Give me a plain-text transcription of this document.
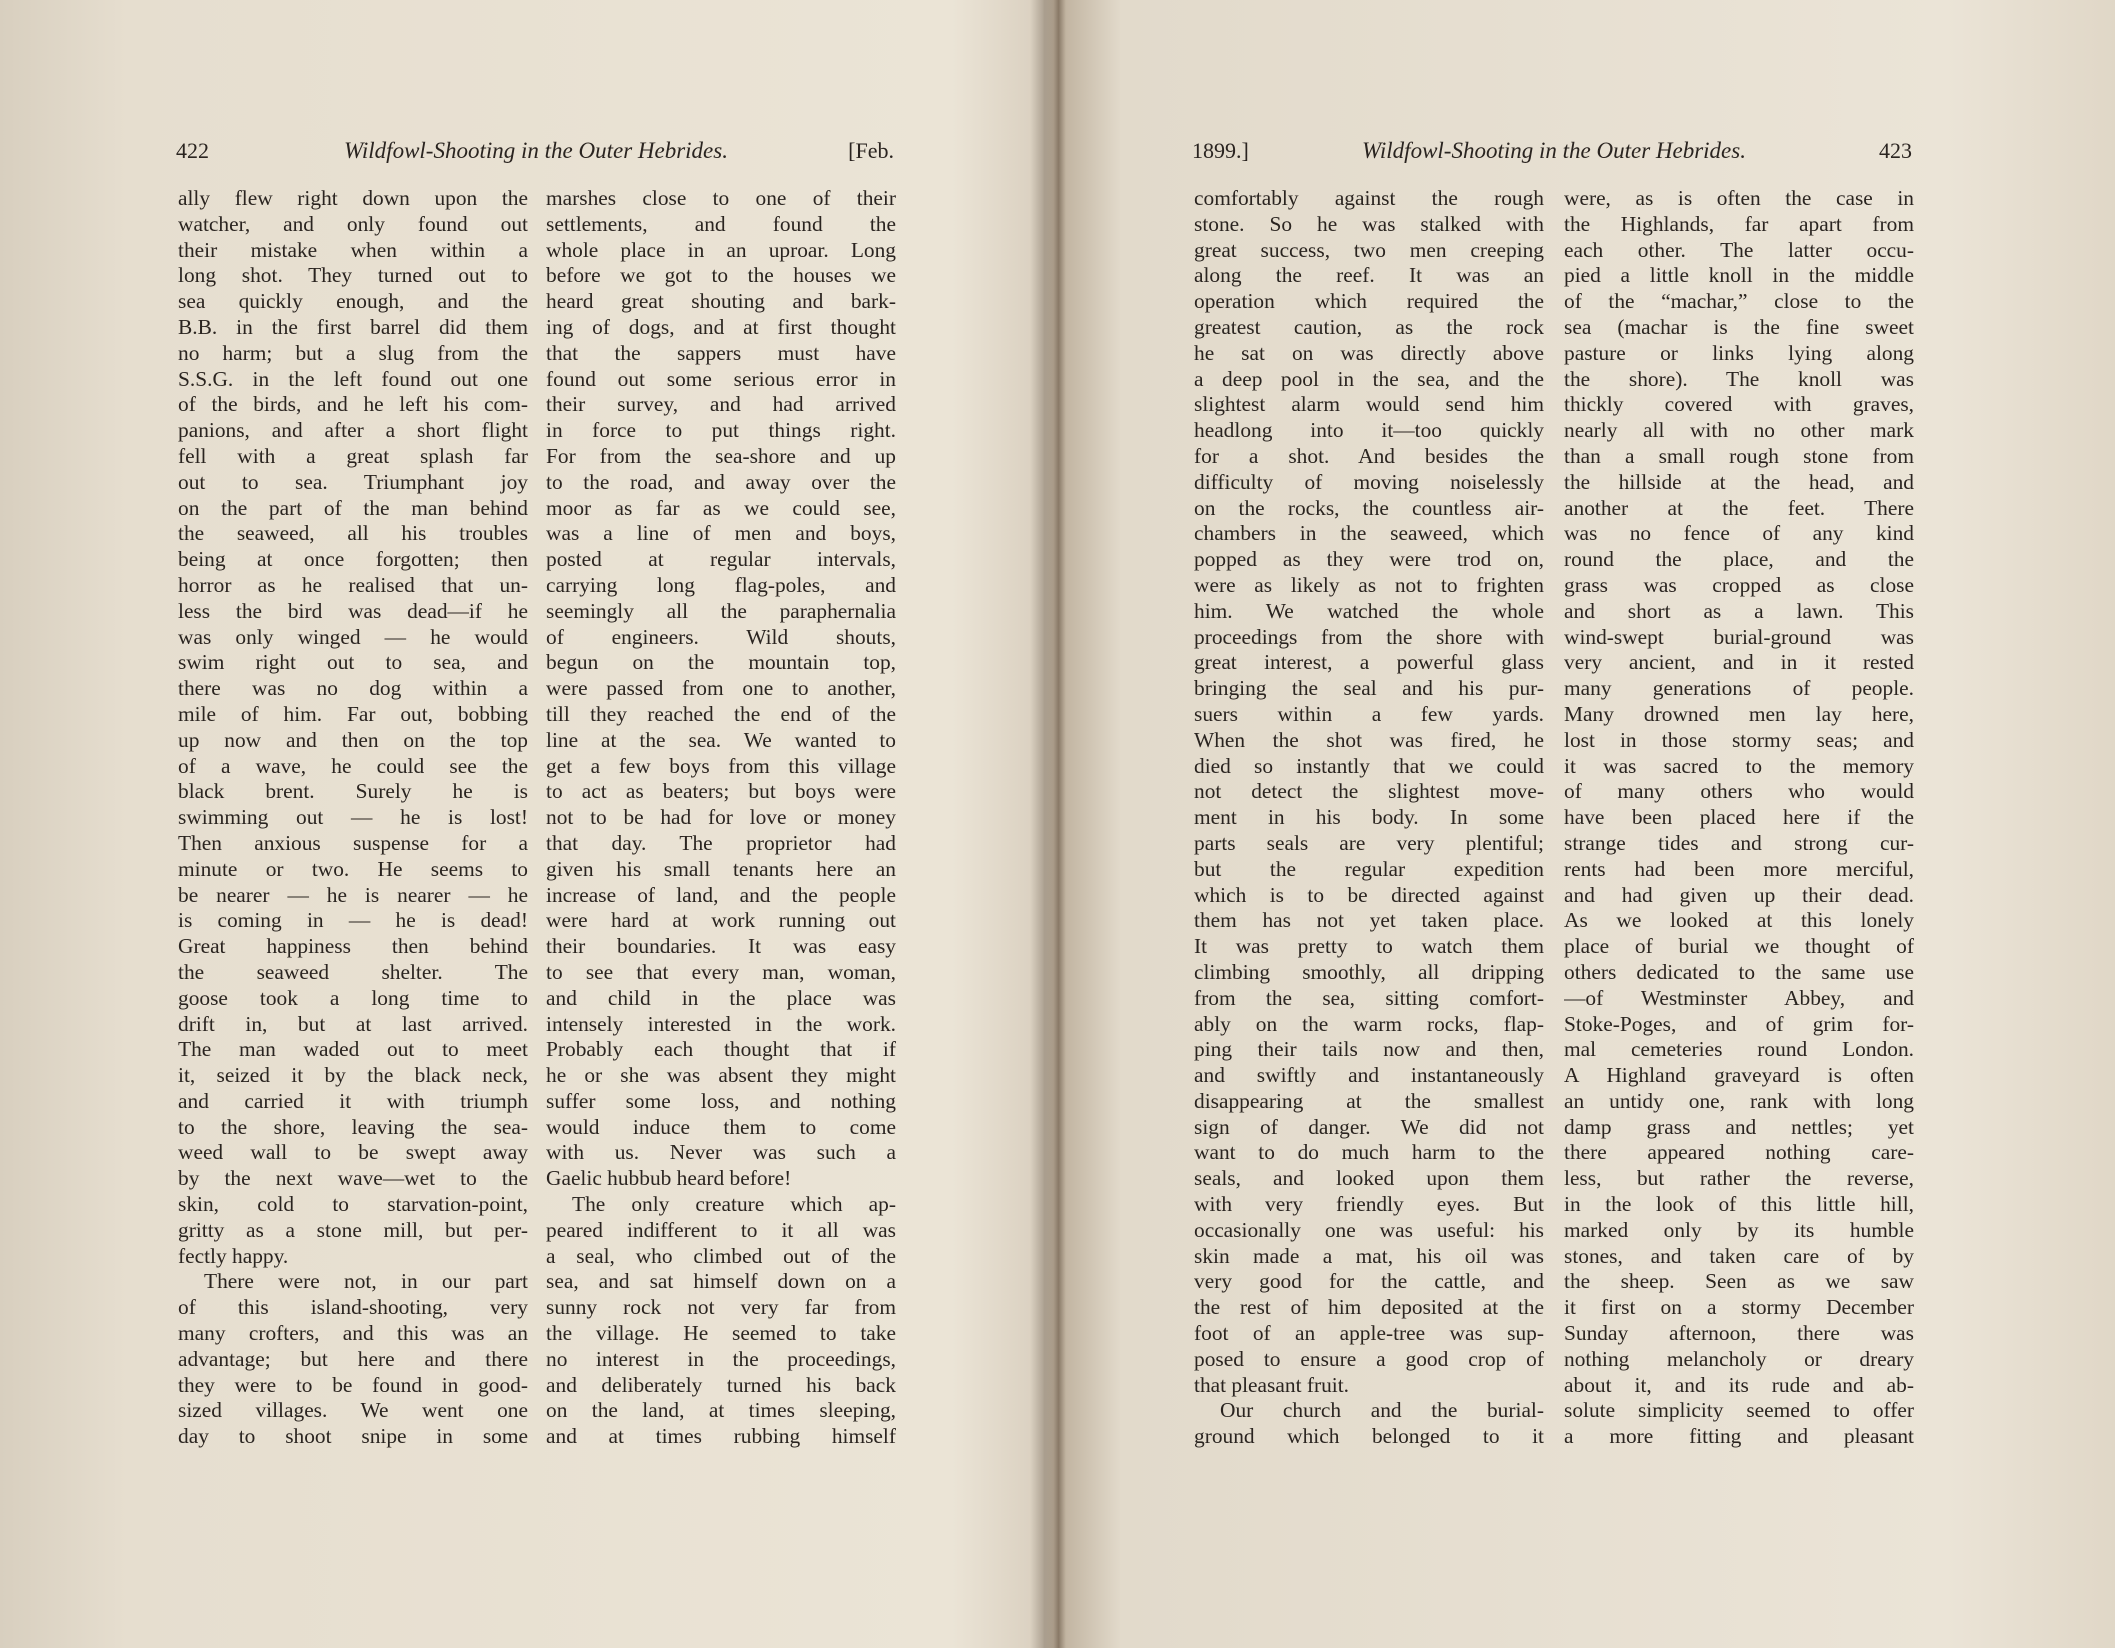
422	Wildfowl-Shooting in the Outer Hebrides.	[Feb.
ally flew right down upon the
watcher, and only found out
their mistake when within a
long shot. They turned out to
sea quickly enough, and the
B.B. in the first barrel did them
no harm; but a slug from the
S.S.G. in the left found out one
of the birds, and he left his com-
panions, and after a short flight
fell with a great splash far
out to sea. Triumphant joy
on the part of the man behind
the seaweed, all his troubles
being at once forgotten; then
horror as he realised that un-
less the bird was dead—if he
was only winged — he would
swim right out to sea, and
there was no dog within a
mile of him. Far out, bobbing
up now and then on the top
of a wave, he could see the
black brent. Surely he is
swimming out — he is lost!
Then anxious suspense for a
minute or two. He seems to
be nearer — he is nearer — he
is coming in — he is dead!
Great happiness then behind
the seaweed shelter. The
goose took a long time to
drift in, but at last arrived.
The man waded out to meet
it, seized it by the black neck,
and carried it with triumph
to the shore, leaving the sea-
weed wall to be swept away
by the next wave—wet to the
skin, cold to starvation-point,
gritty as a stone mill, but per-
fectly happy.
There were not, in our part
of this island-shooting, very
many crofters, and this was an
advantage; but here and there
they were to be found in good-
sized villages. We went one
day to shoot snipe in some
marshes close to one of their
settlements, and found the
whole place in an uproar. Long
before we got to the houses we
heard great shouting and bark-
ing of dogs, and at first thought
that the sappers must have
found out some serious error in
their survey, and had arrived
in force to put things right.
For from the sea-shore and up
to the road, and away over the
moor as far as we could see,
was a line of men and boys,
posted at regular intervals,
carrying long flag-poles, and
seemingly all the paraphernalia
of engineers. Wild shouts,
begun on the mountain top,
were passed from one to another,
till they reached the end of the
line at the sea. We wanted to
get a few boys from this village
to act as beaters; but boys were
not to be had for love or money
that day. The proprietor had
given his small tenants here an
increase of land, and the people
were hard at work running out
their boundaries. It was easy
to see that every man, woman,
and child in the place was
intensely interested in the work.
Probably each thought that if
he or she was absent they might
suffer some loss, and nothing
would induce them to come
with us. Never was such a
Gaelic hubbub heard before!
The only creature which ap-
peared indifferent to it all was
a seal, who climbed out of the
sea, and sat himself down on a
sunny rock not very far from
the village. He seemed to take
no interest in the proceedings,
and deliberately turned his back
on the land, at times sleeping,
and at times rubbing himself
1899.]	Wildfowl-Shooting in the Outer Hebrides.	423
comfortably against the rough
stone. So he was stalked with
great success, two men creeping
along the reef. It was an
operation which required the
greatest caution, as the rock
he sat on was directly above
a deep pool in the sea, and the
slightest alarm would send him
headlong into it—too quickly
for a shot. And besides the
difficulty of moving noiselessly
on the rocks, the countless air-
chambers in the seaweed, which
popped as they were trod on,
were as likely as not to frighten
him. We watched the whole
proceedings from the shore with
great interest, a powerful glass
bringing the seal and his pur-
suers within a few yards.
When the shot was fired, he
died so instantly that we could
not detect the slightest move-
ment in his body. In some
parts seals are very plentiful;
but the regular expedition
which is to be directed against
them has not yet taken place.
It was pretty to watch them
climbing smoothly, all dripping
from the sea, sitting comfort-
ably on the warm rocks, flap-
ping their tails now and then,
and swiftly and instantaneously
disappearing at the smallest
sign of danger. We did not
want to do much harm to the
seals, and looked upon them
with very friendly eyes. But
occasionally one was useful: his
skin made a mat, his oil was
very good for the cattle, and
the rest of him deposited at the
foot of an apple-tree was sup-
posed to ensure a good crop of
that pleasant fruit.
Our church and the burial-
ground which belonged to it
were, as is often the case in
the Highlands, far apart from
each other. The latter occu-
pied a little knoll in the middle
of the “machar,” close to the
sea (machar is the fine sweet
pasture or links lying along
the shore). The knoll was
thickly covered with graves,
nearly all with no other mark
than a small rough stone from
the hillside at the head, and
another at the feet. There
was no fence of any kind
round the place, and the
grass was cropped as close
and short as a lawn. This
wind-swept burial-ground was
very ancient, and in it rested
many generations of people.
Many drowned men lay here,
lost in those stormy seas; and
it was sacred to the memory
of many others who would
have been placed here if the
strange tides and strong cur-
rents had been more merciful,
and had given up their dead.
As we looked at this lonely
place of burial we thought of
others dedicated to the same use
—of Westminster Abbey, and
Stoke-Poges, and of grim for-
mal cemeteries round London.
A Highland graveyard is often
an untidy one, rank with long
damp grass and nettles; yet
there appeared nothing care-
less, but rather the reverse,
in the look of this little hill,
marked only by its humble
stones, and taken care of by
the sheep. Seen as we saw
it first on a stormy December
Sunday afternoon, there was
nothing melancholy or dreary
about it, and its rude and ab-
solute simplicity seemed to offer
a more fitting and pleasant
